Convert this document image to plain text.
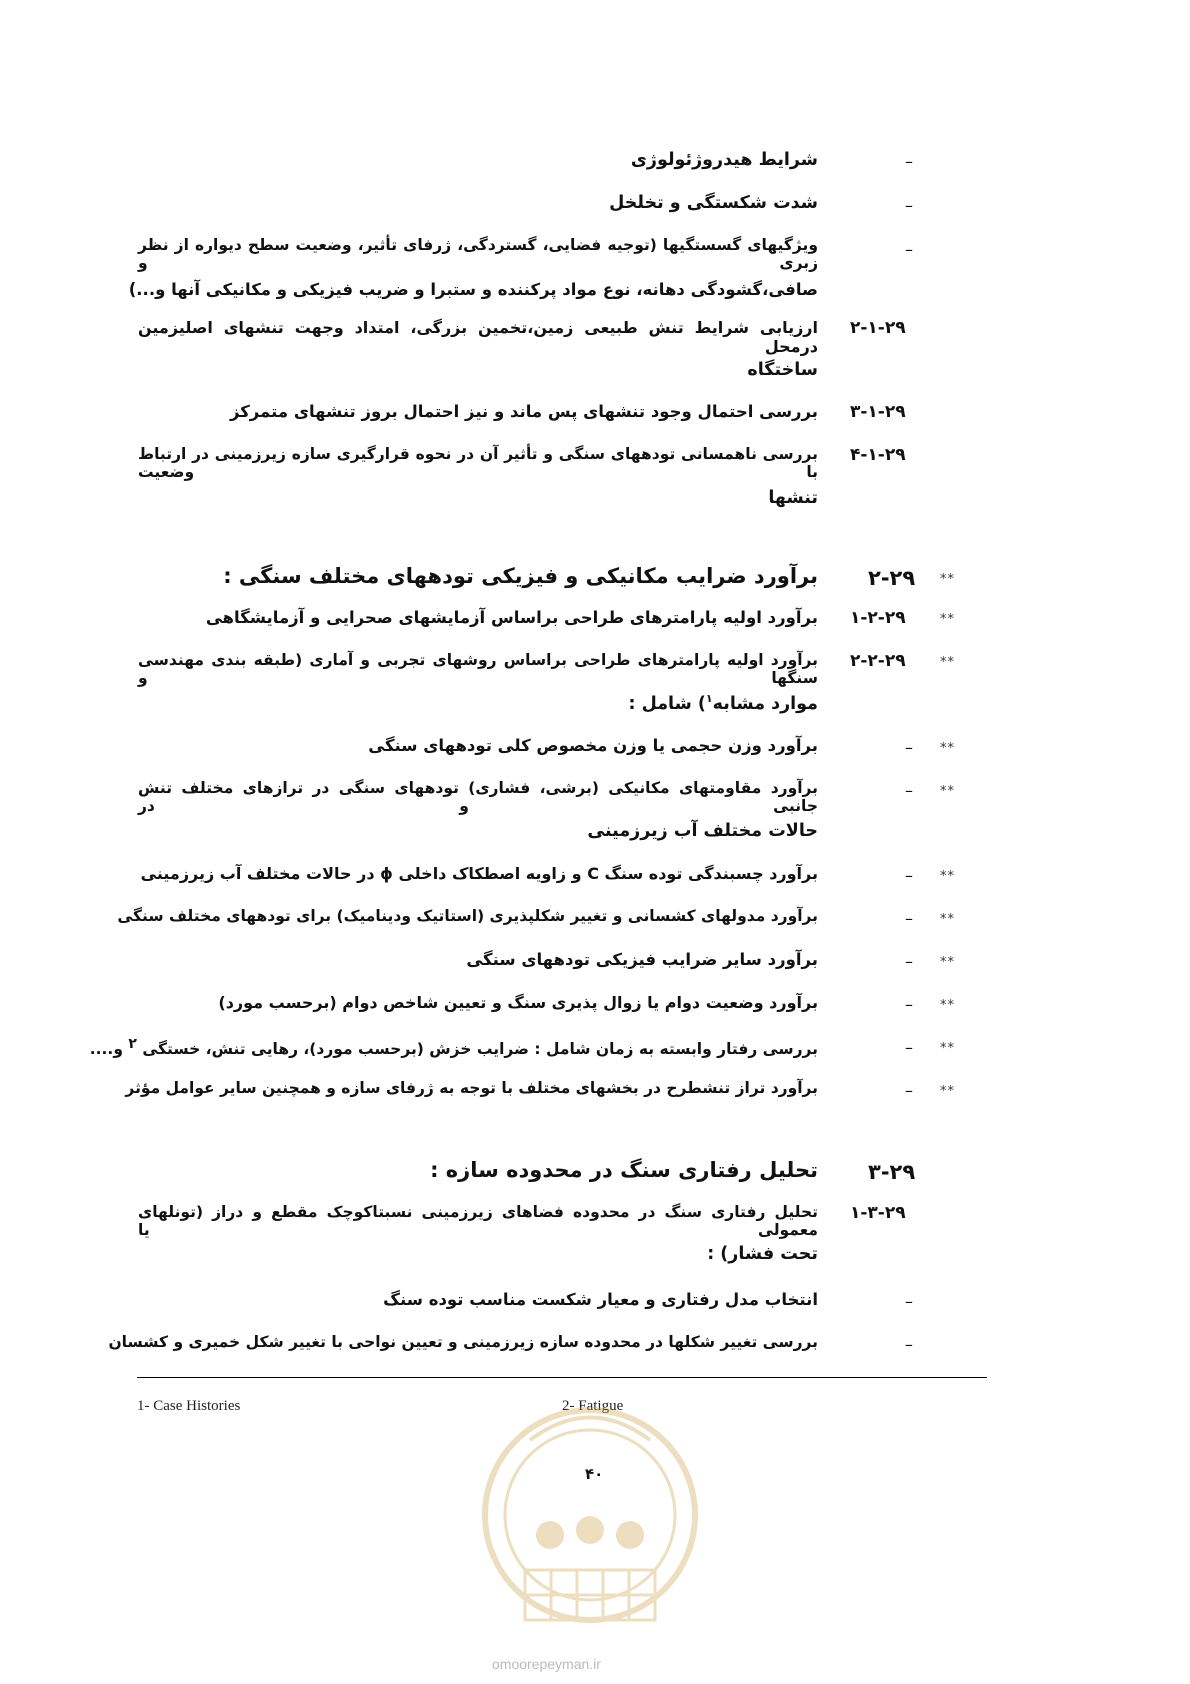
–
شرایط هیدروژئولوژی
–
شدت شکستگی و تخلخل
–
ویژگیهای گسستگیها (توجیه فضایی، گستردگی، ژرفای تأثیر، وضعیت سطح دیواره از نظر زبری و
صافی،گشودگی دهانه، نوع مواد پرکننده و ستبرا و ضریب فیزیکی و مکانیکی آنها و...)
۲-۱-۲۹
ارزیابی شرایط تنش طبیعی زمین،تخمین بزرگی، امتداد وجهت تنشهای اصلیزمین درمحل
ساختگاه
۳-۱-۲۹
بررسی احتمال وجود تنشهای پس ماند و نیز احتمال بروز تنشهای متمرکز
۴-۱-۲۹
بررسی ناهمسانی تودههای سنگی و تأثیر آن در نحوه قرارگیری سازه زیرزمینی در ارتباط با وضعیت
تنشها
**
۲-۲۹
برآورد ضرایب مکانیکی و فیزیکی تودههای مختلف سنگی :
**
۱-۲-۲۹
برآورد اولیه پارامترهای طراحی براساس آزمایشهای صحرایی و آزمایشگاهی
**
۲-۲-۲۹
برآورد اولیه پارامترهای طراحی براساس روشهای تجربی و آماری (طبقه بندی مهندسی سنگها و
موارد مشابه$^۱$) شامل :
**
–
برآورد وزن حجمی یا وزن مخصوص کلی تودههای سنگی
**
–
برآورد مقاومتهای مکانیکی (برشی، فشاری) تودههای سنگی در ترازهای مختلف تنش جانبی و در
حالات مختلف آب زیرزمینی
**
–
برآورد چسبندگی توده سنگ C و زاویه اصطکاک داخلی ϕ در حالات مختلف آب زیرزمینی
**
–
برآورد مدولهای کشسانی و تغییر شکلپذیری (استاتیک ودینامیک) برای تودههای مختلف سنگی
**
–
برآورد سایر ضرایب فیزیکی تودههای سنگی
**
–
برآورد وضعیت دوام یا زوال پذیری سنگ و تعیین شاخص دوام (برحسب مورد)
**
–
بررسی رفتار وابسته به زمان شامل : ضرایب خزش (برحسب مورد)، رهایی تنش، خستگی $^۲$ و....
**
–
برآورد تراز تنشطرح در بخشهای مختلف با توجه به ژرفای سازه و همچنین سایر عوامل مؤثر
۳-۲۹
تحلیل رفتاری سنگ در محدوده سازه :
۱-۳-۲۹
تحلیل رفتاری سنگ در محدوده فضاهای زیرزمینی نسبتاکوچک مقطع و دراز (تونلهای معمولی یا
تحت فشار) :
–
انتخاب مدل رفتاری و معیار شکست مناسب توده سنگ
–
بررسی تغییر شکلها در محدوده سازه زیرزمینی و تعیین نواحی با تغییر شکل خمیری و کشسان
1- Case Histories	2- Fatigue
۴۰
omoorepeyman.ir
